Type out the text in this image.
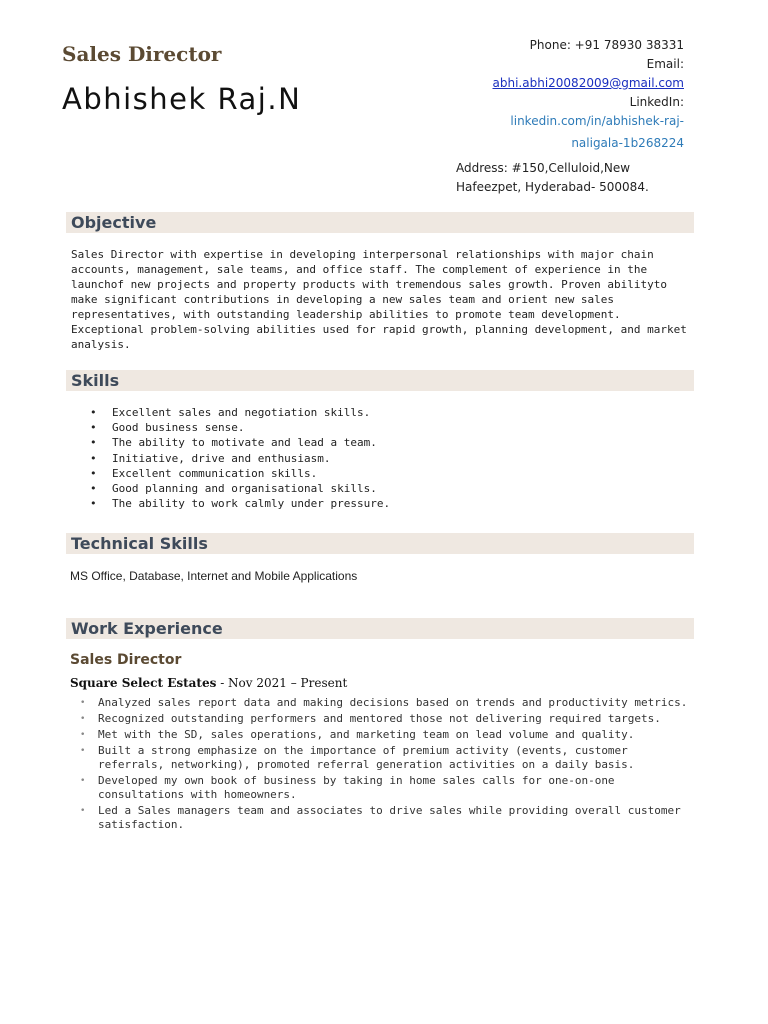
Sales Director
Abhishek Raj.N
Phone: +91 78930 38331
Email:
abhi.abhi20082009@gmail.com
LinkedIn:
linkedin.com/in/abhishek-raj-
naligala-1b268224
Address: #150,Celluloid,New
Hafeezpet, Hyderabad- 500084.
Objective
Sales Director with expertise in developing interpersonal relationships with major chain accounts, management, sale teams, and office staff. The complement of experience in the launchof new projects and property products with tremendous sales growth. Proven abilityto make significant contributions in developing a new sales team and orient new sales representatives, with outstanding leadership abilities to promote team development. Exceptional problem-solving abilities used for rapid growth, planning development, and market analysis.
Skills
• Excellent sales and negotiation skills.
• Good business sense.
• The ability to motivate and lead a team.
• Initiative, drive and enthusiasm.
• Excellent communication skills.
• Good planning and organisational skills.
• The ability to work calmly under pressure.
Technical Skills
MS Office, Database, Internet and Mobile Applications
Work Experience
Sales Director
Square Select Estates - Nov 2021 – Present
• Analyzed sales report data and making decisions based on trends and productivity metrics.
• Recognized outstanding performers and mentored those not delivering required targets.
• Met with the SD, sales operations, and marketing team on lead volume and quality.
• Built a strong emphasize on the importance of premium activity (events, customer referrals, networking), promoted referral generation activities on a daily basis.
• Developed my own book of business by taking in home sales calls for one-on-one consultations with homeowners.
• Led a Sales managers team and associates to drive sales while providing overall customer satisfaction.
